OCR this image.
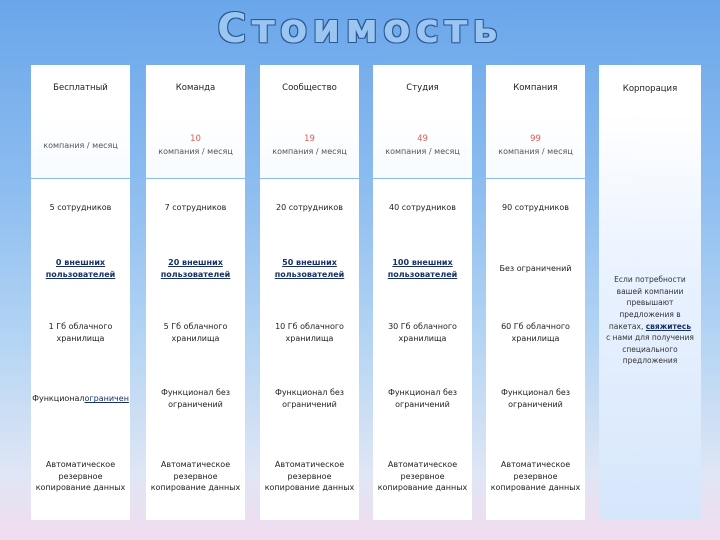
Стоимость
Бесплатный
компания / месяц
5 сотрудников
0 внешних пользователей
1 Гб облачного хранилища
Функционалограничен
Автоматическое резервное копирование данных
Команда
10
компания / месяц
7 сотрудников
20 внешних пользователей
5 Гб облачного хранилища
Функционал без ограничений
Автоматическое резервное копирование данных
Сообщество
19
компания / месяц
20 сотрудников
50 внешних пользователей
10 Гб облачного хранилища
Функционал без ограничений
Автоматическое резервное копирование данных
Студия
49
компания / месяц
40 сотрудников
100 внешних пользователей
30 Гб облачного хранилища
Функционал без ограничений
Автоматическое резервное копирование данных
Компания
99
компания / месяц
90 сотрудников
Без ограничений
60 Гб облачного хранилища
Функционал без ограничений
Автоматическое резервное копирование данных
Корпорация
Если потребности вашей компании превышают предложения в пакетах, свяжитесь с нами для получения специального предложения
